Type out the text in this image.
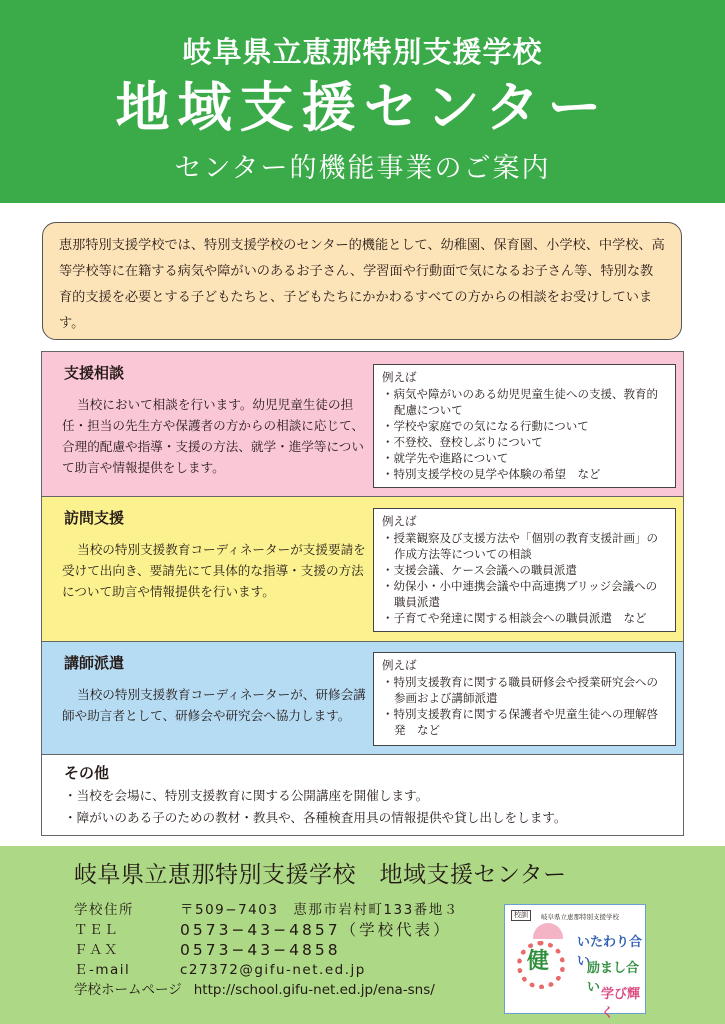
岐阜県立恵那特別支援学校
地域支援センター
センター的機能事業のご案内
恵那特別支援学校では、特別支援学校のセンター的機能として、幼稚園、保育園、小学校、中学校、高等学校等に在籍する病気や障がいのあるお子さん、学習面や行動面で気になるお子さん等、特別な教育的支援を必要とする子どもたちと、子どもたちにかかわるすべての方からの相談をお受けしています。
支援相談
当校において相談を行います。幼児児童生徒の担任・担当の先生方や保護者の方からの相談に応じて、合理的配慮や指導・支援の方法、就学・進学等について助言や情報提供をします。
例えば
・ 病気や障がいのある幼児児童生徒への支援、教育的配慮について
・ 学校や家庭での気になる行動について
・ 不登校、登校しぶりについて
・ 就学先や進路について
・ 特別支援学校の見学や体験の希望　など
訪問支援
当校の特別支援教育コーディネーターが支援要請を受けて出向き、要請先にて具体的な指導・支援の方法について助言や情報提供を行います。
例えば
・ 授業観察及び支援方法や「個別の教育支援計画」の作成方法等についての相談
・ 支援会議、ケース会議への職員派遣
・ 幼保小・小中連携会議や中高連携ブリッジ会議への職員派遣
・ 子育てや発達に関する相談会への職員派遣　など
講師派遣
当校の特別支援教育コーディネーターが、研修会講師や助言者として、研修会や研究会へ協力します。
例えば
・ 特別支援教育に関する職員研修会や授業研究会への参画および講師派遣
・ 特別支援教育に関する保護者や児童生徒への理解啓発　など
その他
・ 当校を会場に、特別支援教育に関する公開講座を開催します。
・ 障がいのある子のための教材・教具や、各種検査用具の情報提供や貸し出しをします。
岐阜県立恵那特別支援学校　地域支援センター
学校住所	〒509−7403　恵那市岩村町133番地３
ＴＥＬ	0573−43−4857（学校代表）
ＦＡＸ	0573−43−4858
Ｅ-mail	c27372@gifu-net.ed.jp
学校ホームページ http://school.gifu-net.ed.jp/ena-sns/
校訓	岐阜県立恵那特別支援学校
健
いたわり合い
励まし合い 学び輝く
